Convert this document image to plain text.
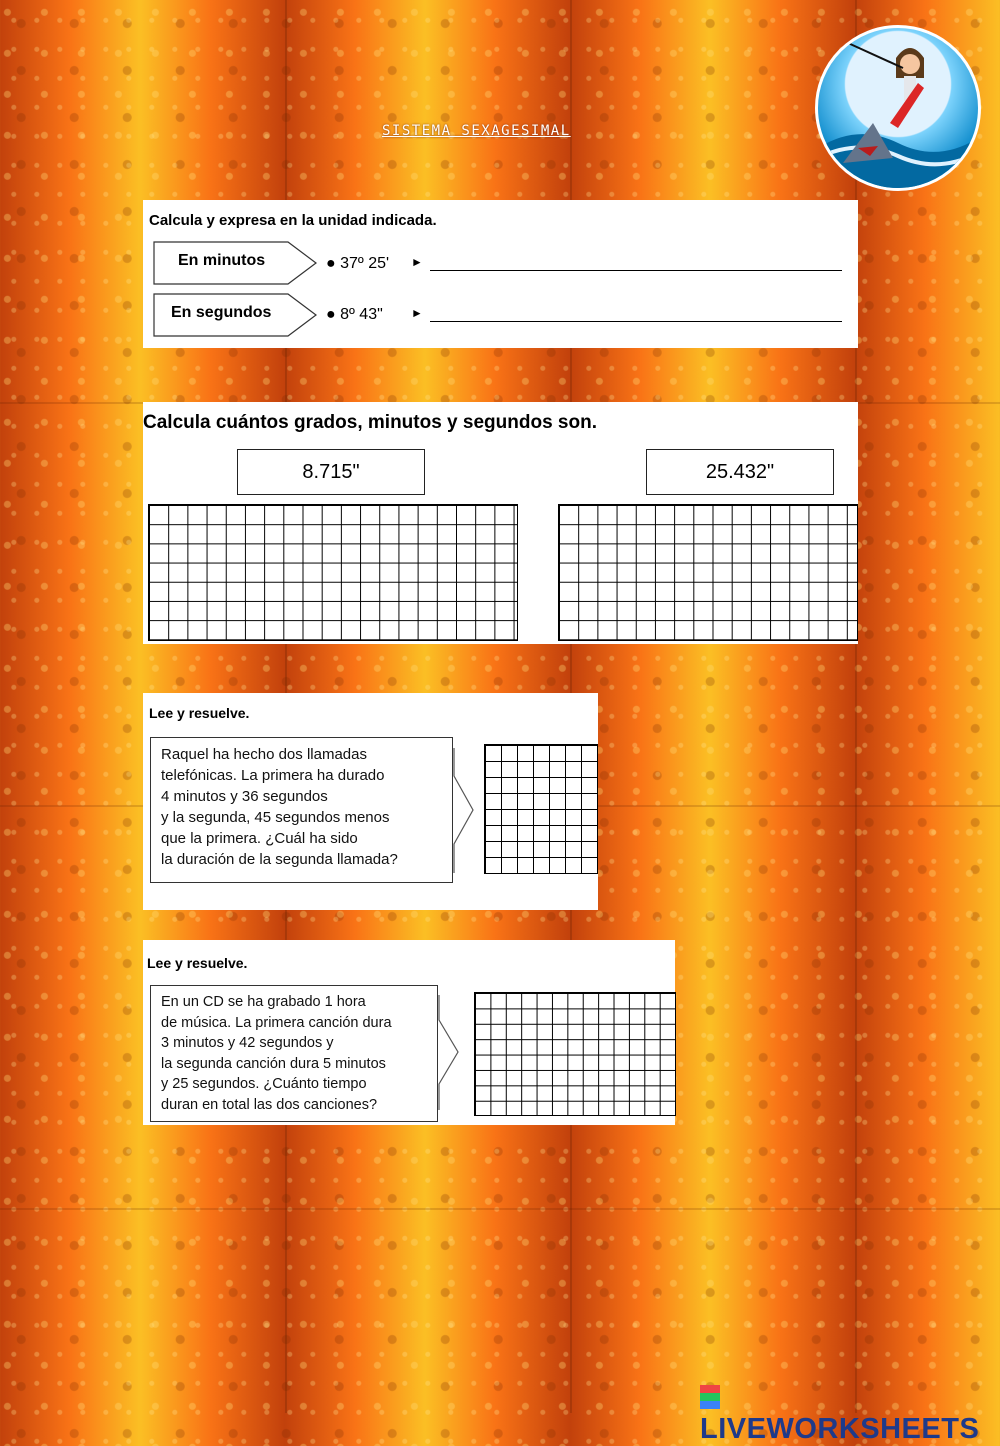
SISTEMA SEXAGESIMAL
Calcula y expresa en la unidad indicada.
En minutos	● 37º 25' ►
En segundos	● 8º 43" ►
Calcula cuántos grados, minutos y segundos son.
8.715"	25.432"
Lee y resuelve.
Raquel ha hecho dos llamadas
telefónicas. La primera ha durado
4 minutos y 36 segundos
y la segunda, 45 segundos menos
que la primera. ¿Cuál ha sido
la duración de la segunda llamada?
Lee y resuelve.
En un CD se ha grabado 1 hora
de música. La primera canción dura
3 minutos y 42 segundos y
la segunda canción dura 5 minutos
y 25 segundos. ¿Cuánto tiempo
duran en total las dos canciones?
LIVEWORKSHEETS
